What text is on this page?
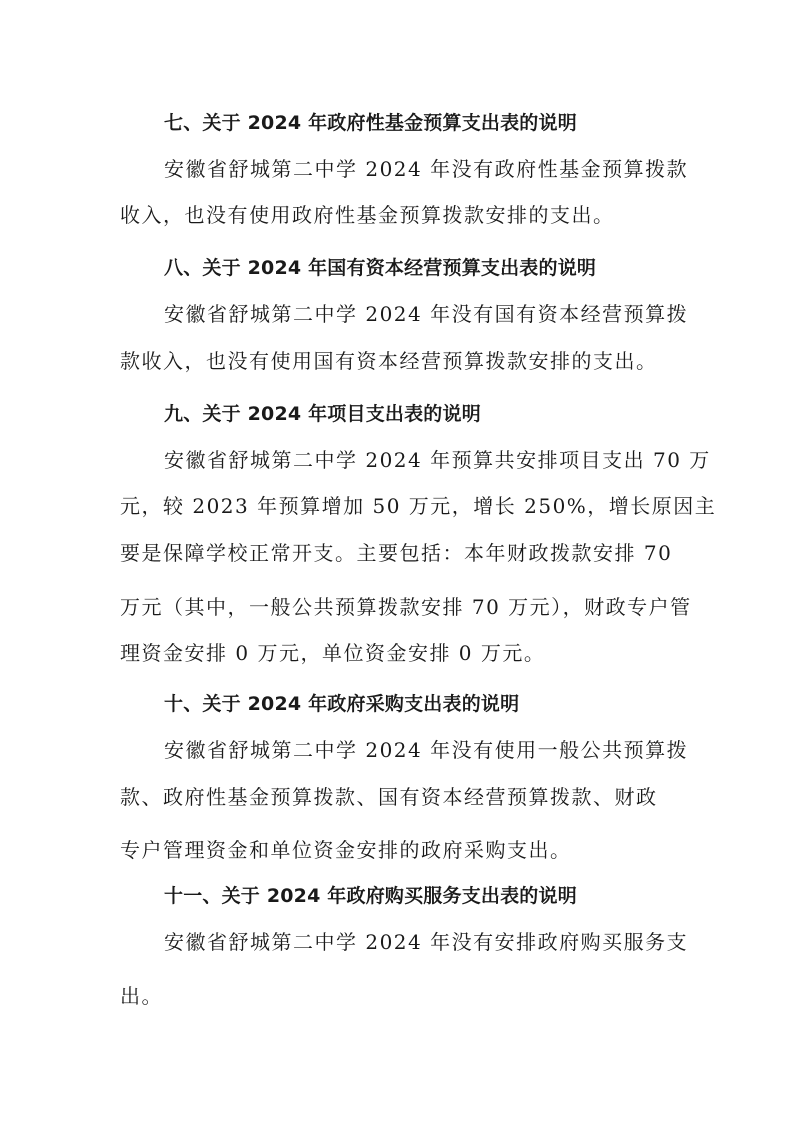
七、关于 2024 年政府性基金预算支出表的说明

安徽省舒城第二中学 2024 年没有政府性基金预算拨款

收入，也没有使用政府性基金预算拨款安排的支出。

八、关于 2024 年国有资本经营预算支出表的说明

安徽省舒城第二中学 2024 年没有国有资本经营预算拨

款收入，也没有使用国有资本经营预算拨款安排的支出。

九、关于 2024 年项目支出表的说明

安徽省舒城第二中学 2024 年预算共安排项目支出 70 万

元，较 2023 年预算增加 50 万元，增长 250%，增长原因主

要是保障学校正常开支。主要包括：本年财政拨款安排 70

万元（其中，一般公共预算拨款安排 70 万元），财政专户管

理资金安排 0 万元，单位资金安排 0 万元。

十、关于 2024 年政府采购支出表的说明

安徽省舒城第二中学 2024 年没有使用一般公共预算拨

款、政府性基金预算拨款、国有资本经营预算拨款、财政

专户管理资金和单位资金安排的政府采购支出。

十一、关于 2024 年政府购买服务支出表的说明

安徽省舒城第二中学 2024 年没有安排政府购买服务支

出。
